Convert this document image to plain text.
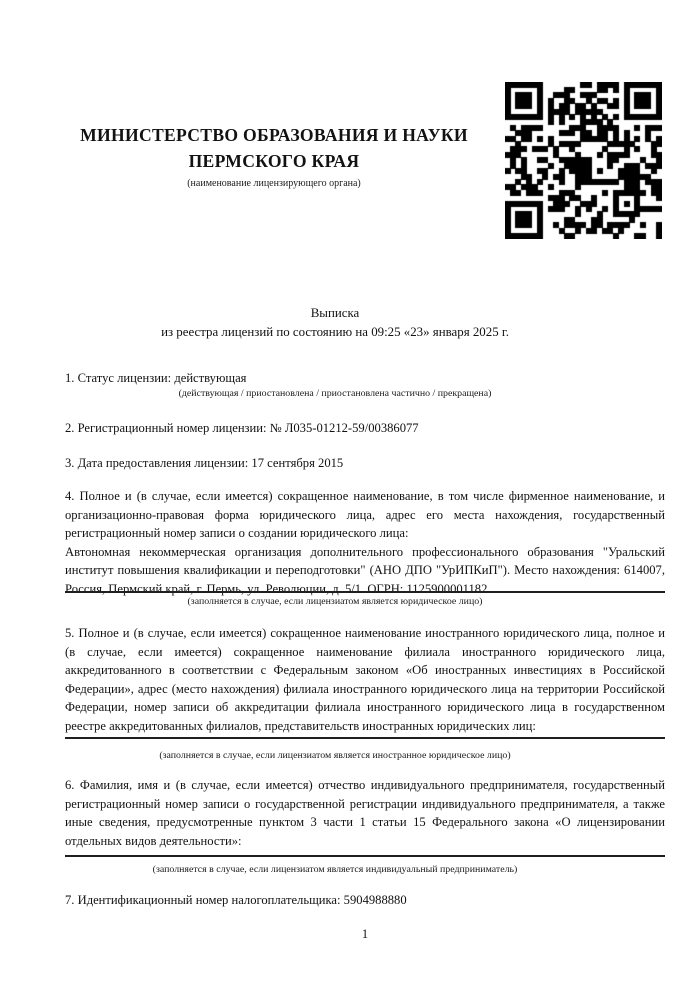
МИНИСТЕРСТВО ОБРАЗОВАНИЯ И НАУКИ
ПЕРМСКОГО КРАЯ
(наименование лицензирующего органа)
Выписка
из реестра лицензий по состоянию на 09:25 «23» января 2025 г.
1. Статус лицензии: действующая
(действующая / приостановлена / приостановлена частично / прекращена)
2. Регистрационный номер лицензии: № Л035-01212-59/00386077
3. Дата предоставления лицензии: 17 сентября 2015
4. Полное и (в случае, если имеется) сокращенное наименование, в том числе фирменное наименование, и организационно-правовая форма юридического лица, адрес его места нахождения, государственный регистрационный номер записи о создании юридического лица:
Автономная некоммерческая организация дополнительного профессионального образования "Уральский институт повышения квалификации и переподготовки" (АНО ДПО "УрИПКиП"). Место нахождения: 614007, Россия, Пермский край, г. Пермь, ул. Революции, д. 5/1. ОГРН: 1125900001182.
(заполняется в случае, если лицензиатом является юридическое лицо)
5. Полное и (в случае, если имеется) сокращенное наименование иностранного юридического лица, полное и (в случае, если имеется) сокращенное наименование филиала иностранного юридического лица, аккредитованного в соответствии с Федеральным законом «Об иностранных инвестициях в Российской Федерации», адрес (место нахождения) филиала иностранного юридического лица на территории Российской Федерации, номер записи об аккредитации филиала иностранного юридического лица в государственном реестре аккредитованных филиалов, представительств иностранных юридических лиц:
(заполняется в случае, если лицензиатом является иностранное юридическое лицо)
6. Фамилия, имя и (в случае, если имеется) отчество индивидуального предпринимателя, государственный регистрационный номер записи о государственной регистрации индивидуального предпринимателя, а также иные сведения, предусмотренные пунктом 3 части 1 статьи 15 Федерального закона «О лицензировании отдельных видов деятельности»:
(заполняется в случае, если лицензиатом является индивидуальный предприниматель)
7. Идентификационный номер налогоплательщика: 5904988880
1
